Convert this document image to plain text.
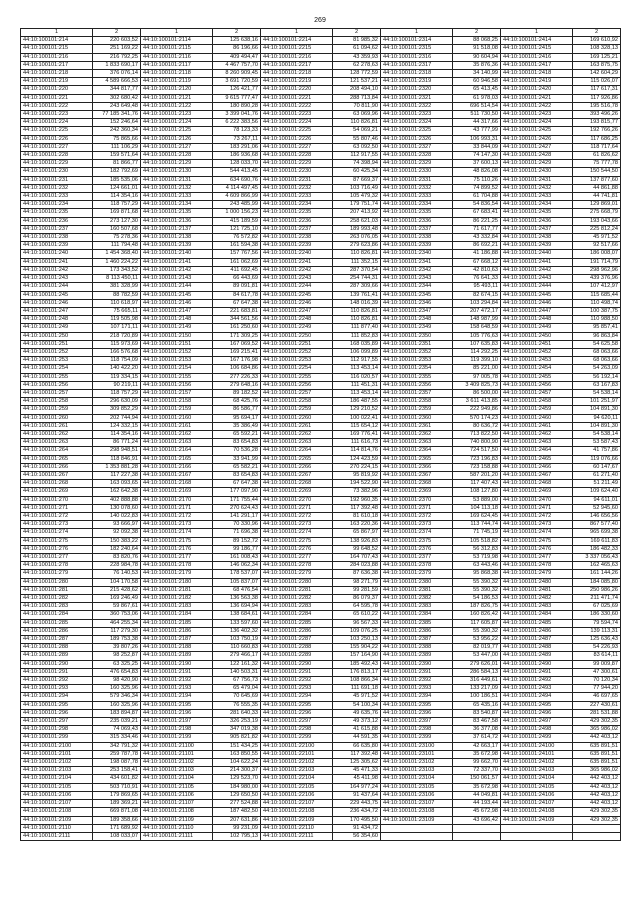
269
1	2	1	2	1	2	1	2	1	2
44:10:100101:214	220 603,52	44:10:100101:2114	125 638,16	44:10:100101:2214	81 985,32	44:10:100101:2314	88 068,25	44:10:100101:2414	169 610,92
44:10:100101:215	251 169,22	44:10:100101:2115	86 196,66	44:10:100101:2215	61 094,62	44:10:100101:2315	91 518,08	44:10:100101:2415	108 328,13
44:10:100101:216	216 792,25	44:10:100101:2116	409 494,47	44:10:100101:2216	43 359,93	44:10:100101:2316	90 604,94	44:10:100101:2416	169 125,21
44:10:100101:217	1 833 690,17	44:10:100101:2117	4 467 757,70	44:10:100101:2217	62 278,63	44:10:100101:2317	35 876,36	44:10:100101:2417	163 875,75
44:10:100101:218	376 076,14	44:10:100101:2118	8 260 909,45	44:10:100101:2218	128 772,59	44:10:100101:2318	34 140,99	44:10:100101:2418	142 604,29
44:10:100101:219	4 589 666,53	44:10:100101:2119	3 691 720,59	44:10:100101:2219	121 537,21	44:10:100101:2319	60 946,58	44:10:100101:2419	115 026,07
44:10:100101:220	344 817,77	44:10:100101:2120	126 421,77	44:10:100101:2220	208 494,10	44:10:100101:2320	65 413,45	44:10:100101:2420	117 617,31
44:10:100101:221	302 680,42	44:10:100101:2121	9 615 777,47	44:10:100101:2221	288 713,84	44:10:100101:2321	61 978,03	44:10:100101:2421	117 926,86
44:10:100101:222	243 649,48	44:10:100101:2122	180 890,28	44:10:100101:2222	70 811,90	44:10:100101:2322	696 514,54	44:10:100101:2422	195 516,78
44:10:100101:223	77 185 341,76	44:10:100101:2123	3 399 041,76	44:10:100101:2223	63 069,96	44:10:100101:2323	511 730,50	44:10:100101:2423	393 496,26
44:10:100101:224	152 246,64	44:10:100101:2124	6 222 383,56	44:10:100101:2224	110 826,81	44:10:100101:2324	44 317,66	44:10:100101:2424	193 815,77
44:10:100101:225	242 360,34	44:10:100101:2125	78 123,33	44:10:100101:2225	54 069,21	44:10:100101:2325	43 777,99	44:10:100101:2425	192 766,26
44:10:100101:226	75 865,66	44:10:100101:2126	73 267,11	44:10:100101:2226	55 807,46	44:10:100101:2326	106 993,31	44:10:100101:2426	117 686,25
44:10:100101:227	111 106,29	44:10:100101:2127	183 291,06	44:10:100101:2227	63 092,50	44:10:100101:2327	33 844,09	44:10:100101:2427	118 717,64
44:10:100101:228	159 571,64	44:10:100101:2128	186 936,68	44:10:100101:2228	112 917,55	44:10:100101:2328	74 147,30	44:10:100101:2428	61 826,62
44:10:100101:229	81 866,77	44:10:100101:2129	128 033,70	44:10:100101:2229	74 398,94	44:10:100101:2329	37 600,13	44:10:100101:2429	75 777,78
44:10:100101:230	182 792,69	44:10:100101:2130	544 413,45	44:10:100101:2230	60 425,34	44:10:100101:2330	48 826,08	44:10:100101:2430	150 544,50
44:10:100101:231	185 535,06	44:10:100101:2131	634 690,76	44:10:100101:2231	87 669,37	44:10:100101:2331	75 110,26	44:10:100101:2431	137 877,60
44:10:100101:232	124 661,01	44:10:100101:2132	4 114 497,45	44:10:100101:2232	103 716,49	44:10:100101:2332	74 899,52	44:10:100101:2432	44 861,88
44:10:100101:233	114 354,16	44:10:100101:2133	4 609 866,99	44:10:100101:2233	105 479,32	44:10:100101:2333	61 704,88	44:10:100101:2433	44 741,81
44:10:100101:234	118 757,29	44:10:100101:2134	243 485,99	44:10:100101:2234	179 751,74	44:10:100101:2334	54 836,54	44:10:100101:2434	129 869,01
44:10:100101:235	169 871,68	44:10:100101:2135	1 000 156,23	44:10:100101:2235	207 413,92	44:10:100101:2335	67 683,41	44:10:100101:2435	275 668,79
44:10:100101:236	273 127,30	44:10:100101:2136	415 189,59	44:10:100101:2236	258 621,03	44:10:100101:2336	86 221,25	44:10:100101:2436	193 043,66
44:10:100101:237	160 507,68	44:10:100101:2137	121 725,10	44:10:100101:2237	189 993,48	44:10:100101:2337	71 617,77	44:10:100101:2437	225 812,24
44:10:100101:238	75 278,36	44:10:100101:2138	76 572,82	44:10:100101:2238	263 076,05	44:10:100101:2338	43 332,84	44:10:100101:2438	45 971,52
44:10:100101:239	111 794,48	44:10:100101:2139	161 594,38	44:10:100101:2239	279 623,86	44:10:100101:2339	86 692,21	44:10:100101:2439	92 517,66
44:10:100101:240	1 454 368,40	44:10:100101:2140	157 767,56	44:10:100101:2240	110 826,81	44:10:100101:2340	41 186,88	44:10:100101:2440	186 008,07
44:10:100101:241	1 460 224,22	44:10:100101:2141	161 062,69	44:10:100101:2241	111 352,15	44:10:100101:2341	67 668,12	44:10:100101:2441	191 714,79
44:10:100101:242	173 343,52	44:10:100101:2142	411 692,45	44:10:100101:2242	287 370,54	44:10:100101:2342	42 810,63	44:10:100101:2442	298 962,96
44:10:100101:243	8 113 450,11	44:10:100101:2143	66 443,69	44:10:100101:2243	254 744,31	44:10:100101:2343	76 641,33	44:10:100101:2443	439 376,96
44:10:100101:244	381 328,99	44:10:100101:2144	89 091,81	44:10:100101:2244	287 309,66	44:10:100101:2344	95 493,11	44:10:100101:2444	107 412,97
44:10:100101:245	88 782,59	44:10:100101:2145	84 617,78	44:10:100101:2245	139 761,41	44:10:100101:2345	82 674,15	44:10:100101:2445	115 685,44
44:10:100101:246	110 618,97	44:10:100101:2146	67 647,38	44:10:100101:2246	148 016,39	44:10:100101:2346	103 294,84	44:10:100101:2446	110 498,74
44:10:100101:247	75 665,11	44:10:100101:2147	221 683,81	44:10:100101:2247	110 826,81	44:10:100101:2347	207 472,17	44:10:100101:2447	100 387,75
44:10:100101:248	119 505,98	44:10:100101:2148	344 561,56	44:10:100101:2248	110 826,81	44:10:100101:2348	148 987,99	44:10:100101:2448	110 988,50
44:10:100101:249	107 171,11	44:10:100101:2149	161 250,60	44:10:100101:2249	111 877,40	44:10:100101:2349	158 648,59	44:10:100101:2449	95 857,41
44:10:100101:250	218 720,89	44:10:100101:2150	171 309,25	44:10:100101:2250	111 852,83	44:10:100101:2350	105 776,63	44:10:100101:2450	96 863,84
44:10:100101:251	115 973,69	44:10:100101:2151	167 069,52	44:10:100101:2251	168 035,89	44:10:100101:2351	107 635,83	44:10:100101:2451	54 625,58
44:10:100101:252	166 576,68	44:10:100101:2152	169 215,41	44:10:100101:2252	106 099,89	44:10:100101:2352	114 292,25	44:10:100101:2452	68 063,66
44:10:100101:253	118 754,09	44:10:100101:2153	167 176,98	44:10:100101:2253	112 917,55	44:10:100101:2353	119 399,10	44:10:100101:2453	68 063,66
44:10:100101:254	140 422,20	44:10:100101:2154	106 684,86	44:10:100101:2254	113 453,14	44:10:100101:2354	85 221,00	44:10:100101:2454	54 263,09
44:10:100101:255	119 334,15	44:10:100101:2155	277 226,33	44:10:100101:2255	116 020,57	44:10:100101:2355	97 005,78	44:10:100101:2455	56 192,14
44:10:100101:256	90 219,11	44:10:100101:2156	279 648,16	44:10:100101:2256	111 451,31	44:10:100101:2356	3 409 825,73	44:10:100101:2456	63 167,83
44:10:100101:257	118 757,29	44:10:100101:2157	89 182,52	44:10:100101:2257	113 453,14	44:10:100101:2357	86 500,00	44:10:100101:2457	54 538,14
44:10:100101:258	296 630,09	44:10:100101:2158	68 425,76	44:10:100101:2258	186 487,55	44:10:100101:2358	3 611 413,85	44:10:100101:2458	101 251,97
44:10:100101:259	309 852,29	44:10:100101:2159	86 586,77	44:10:100101:2259	129 210,52	44:10:100101:2359	222 949,86	44:10:100101:2459	104 891,30
44:10:100101:260	202 744,94	44:10:100101:2160	95 694,17	44:10:100101:2260	100 022,41	44:10:100101:2360	570 174,23	44:10:100101:2460	94 620,11
44:10:100101:261	124 332,15	44:10:100101:2161	35 386,49	44:10:100101:2261	115 654,12	44:10:100101:2361	80 636,72	44:10:100101:2461	104 891,30
44:10:100101:262	114 354,16	44:10:100101:2162	65 592,21	44:10:100101:2262	169 776,41	44:10:100101:2362	713 822,50	44:10:100101:2462	54 538,14
44:10:100101:263	86 771,24	44:10:100101:2163	83 654,83	44:10:100101:2263	111 616,73	44:10:100101:2363	740 800,90	44:10:100101:2463	53 587,43
44:10:100101:264	298 948,51	44:10:100101:2164	70 536,28	44:10:100101:2264	114 814,76	44:10:100101:2364	724 517,50	44:10:100101:2464	41 757,86
44:10:100101:265	118 846,91	44:10:100101:2165	33 941,99	44:10:100101:2265	124 423,59	44:10:100101:2365	723 196,83	44:10:100101:2465	119 076,66
44:10:100101:266	1 353 881,28	44:10:100101:2166	65 582,21	44:10:100101:2266	270 224,15	44:10:100101:2366	723 158,88	44:10:100101:2466	60 147,67
44:10:100101:267	117 227,38	44:10:100101:2167	83 654,83	44:10:100101:2267	95 819,92	44:10:100101:2367	587 201,20	44:10:100101:2467	61 271,40
44:10:100101:268	163 093,65	44:10:100101:2168	67 647,38	44:10:100101:2268	194 522,90	44:10:100101:2368	117 407,43	44:10:100101:2468	51 211,49
44:10:100101:269	162 642,38	44:10:100101:2169	177 097,90	44:10:100101:2269	73 382,96	44:10:100101:2369	108 127,80	44:10:100101:2469	109 624,40
44:10:100101:270	402 888,88	44:10:100101:2170	171 755,44	44:10:100101:2270	192 960,35	44:10:100101:2370	53 889,00	44:10:100101:2470	94 611,01
44:10:100101:271	130 078,60	44:10:100101:2171	270 624,43	44:10:100101:2271	117 392,48	44:10:100101:2371	104 113,18	44:10:100101:2471	52 945,60
44:10:100101:272	140 022,83	44:10:100101:2172	141 291,17	44:10:100101:2272	81 610,18	44:10:100101:2372	169 624,45	44:10:100101:2472	146 656,56
44:10:100101:273	93 666,97	44:10:100101:2173	70 330,96	44:10:100101:2273	163 220,36	44:10:100101:2373	113 744,74	44:10:100101:2473	867 577,40
44:10:100101:274	92 092,38	44:10:100101:2174	71 696,38	44:10:100101:2274	65 867,97	44:10:100101:2374	71 745,19	44:10:100101:2474	965 699,38
44:10:100101:275	150 383,22	44:10:100101:2175	89 152,72	44:10:100101:2275	138 926,83	44:10:100101:2375	105 518,82	44:10:100101:2475	169 611,83
44:10:100101:276	182 240,64	44:10:100101:2176	99 186,77	44:10:100101:2276	99 648,52	44:10:100101:2376	56 312,83	44:10:100101:2476	186 482,33
44:10:100101:277	83 820,76	44:10:100101:2177	161 008,43	44:10:100101:2277	164 707,43	44:10:100101:2377	53 719,98	44:10:100101:2477	3 337 056,43
44:10:100101:278	228 984,78	44:10:100101:2178	146 062,34	44:10:100101:2278	284 023,88	44:10:100101:2378	63 443,46	44:10:100101:2478	162 465,63
44:10:100101:279	76 140,53	44:10:100101:2179	178 537,07	44:10:100101:2279	87 636,38	44:10:100101:2379	95 868,38	44:10:100101:2479	161 144,26
44:10:100101:280	104 170,58	44:10:100101:2180	105 837,07	44:10:100101:2280	98 271,79	44:10:100101:2380	55 390,32	44:10:100101:2480	184 085,80
44:10:100101:281	215 428,62	44:10:100101:2181	68 476,54	44:10:100101:2281	99 281,59	44:10:100101:2381	55 390,32	44:10:100101:2481	250 986,26
44:10:100101:282	169 246,49	44:10:100101:2182	136 563,38	44:10:100101:2282	86 079,37	44:10:100101:2382	54 186,53	44:10:100101:2482	211 471,74
44:10:100101:283	59 867,61	44:10:100101:2183	136 694,94	44:10:100101:2283	64 595,78	44:10:100101:2383	187 826,75	44:10:100101:2483	67 025,69
44:10:100101:284	360 753,06	44:10:100101:2184	138 684,61	44:10:100101:2284	65 610,22	44:10:100101:2384	160 826,42	44:10:100101:2484	186 330,60
44:10:100101:285	464 255,34	44:10:100101:2185	133 597,60	44:10:100101:2285	96 567,33	44:10:100101:2385	117 605,87	44:10:100101:2485	79 594,74
44:10:100101:286	117 279,30	44:10:100101:2186	136 402,32	44:10:100101:2286	109 076,25	44:10:100101:2386	55 390,32	44:10:100101:2486	139 113,31
44:10:100101:287	189 753,38	44:10:100101:2187	103 750,19	44:10:100101:2287	103 250,13	44:10:100101:2387	53 956,22	44:10:100101:2487	125 636,43
44:10:100101:288	39 807,26	44:10:100101:2188	110 660,83	44:10:100101:2288	155 904,22	44:10:100101:2388	82 019,77	44:10:100101:2488	54 226,93
44:10:100101:289	98 252,87	44:10:100101:2189	279 466,17	44:10:100101:2289	157 164,90	44:10:100101:2389	53 447,00	44:10:100101:2489	83 614,11
44:10:100101:290	63 325,25	44:10:100101:2190	122 161,32	44:10:100101:2290	185 492,43	44:10:100101:2390	279 626,01	44:10:100101:2490	99 009,87
44:10:100101:291	476 654,83	44:10:100101:2191	140 503,31	44:10:100101:2291	176 813,17	44:10:100101:2391	286 584,13	44:10:100101:2491	47 300,61
44:10:100101:292	98 420,90	44:10:100101:2192	67 756,73	44:10:100101:2292	108 866,34	44:10:100101:2392	316 449,61	44:10:100101:2492	70 120,34
44:10:100101:293	160 325,96	44:10:100101:2193	65 479,04	44:10:100101:2293	111 691,18	44:10:100101:2393	133 217,09	44:10:100101:2493	77 944,20
44:10:100101:294	579 346,34	44:10:100101:2194	70 645,69	44:10:100101:2294	45 971,52	44:10:100101:2394	100 186,51	44:10:100101:2494	46 697,65
44:10:100101:295	160 325,96	44:10:100101:2195	76 555,35	44:10:100101:2295	54 100,34	44:10:100101:2395	65 435,16	44:10:100101:2495	227 430,61
44:10:100101:296	183 894,87	44:10:100101:2196	281 640,33	44:10:100101:2296	49 635,76	44:10:100101:2396	83 540,87	44:10:100101:2496	281 531,88
44:10:100101:297	235 039,21	44:10:100101:2197	326 253,19	44:10:100101:2297	49 373,12	44:10:100101:2397	83 467,58	44:10:100101:2497	429 302,35
44:10:100101:298	74 069,43	44:10:100101:2198	347 019,38	44:10:100101:2298	41 615,88	44:10:100101:2398	36 377,08	44:10:100101:2498	365 986,02
44:10:100101:299	315 334,46	44:10:100101:2199	905 821,82	44:10:100101:2299	44 591,35	44:10:100101:2399	37 614,72	44:10:100101:2499	442 403,12
44:10:100101:2100	342 791,32	44:10:100101:21100	151 434,25	44:10:100101:22100	66 635,80	44:10:100101:23100	42 663,17	44:10:100101:24100	635 891,51
44:10:100101:2101	259 787,78	44:10:100101:21101	163 850,55	44:10:100101:22101	117 392,48	44:10:100101:23101	35 672,98	44:10:100101:24101	635 891,51
44:10:100101:2102	198 087,78	44:10:100101:21102	104 622,24	44:10:100101:22102	125 305,62	44:10:100101:23102	99 662,70	44:10:100101:24102	635 891,51
44:10:100101:2103	253 158,41	44:10:100101:21103	214 300,37	44:10:100101:22103	45 471,33	44:10:100101:23103	72 337,70	44:10:100101:24103	365 986,02
44:10:100101:2104	434 601,82	44:10:100101:21104	129 523,70	44:10:100101:22104	45 411,98	44:10:100101:23104	150 061,57	44:10:100101:24104	442 403,12
44:10:100101:2105	503 710,91	44:10:100101:21105	184 980,00	44:10:100101:22105	164 977,24	44:10:100101:23105	35 672,98	44:10:100101:24105	442 403,12
44:10:100101:2106	179 869,65	44:10:100101:21106	129 650,50	44:10:100101:22106	91 437,64	44:10:100101:23106	44 049,81	44:10:100101:24106	442 403,12
44:10:100101:2107	189 369,21	44:10:100101:21107	277 524,88	44:10:100101:22107	229 443,75	44:10:100101:23107	44 193,44	44:10:100101:24107	442 403,12
44:10:100101:2108	669 871,08	44:10:100101:21108	187 482,50	44:10:100101:22108	236 434,72	44:10:100101:23108	45 672,98	44:10:100101:24108	429 302,35
44:10:100101:2109	189 358,66	44:10:100101:21109	207 631,86	44:10:100101:22109	170 495,50	44:10:100101:23109	43 696,42	44:10:100101:24109	429 302,35
44:10:100101:2110	171 689,92	44:10:100101:21110	99 231,09	44:10:100101:22110	91 434,72				
44:10:100101:2111	108 033,07	44:10:100101:21111	102 795,13	44:10:100101:22111	56 354,60				
